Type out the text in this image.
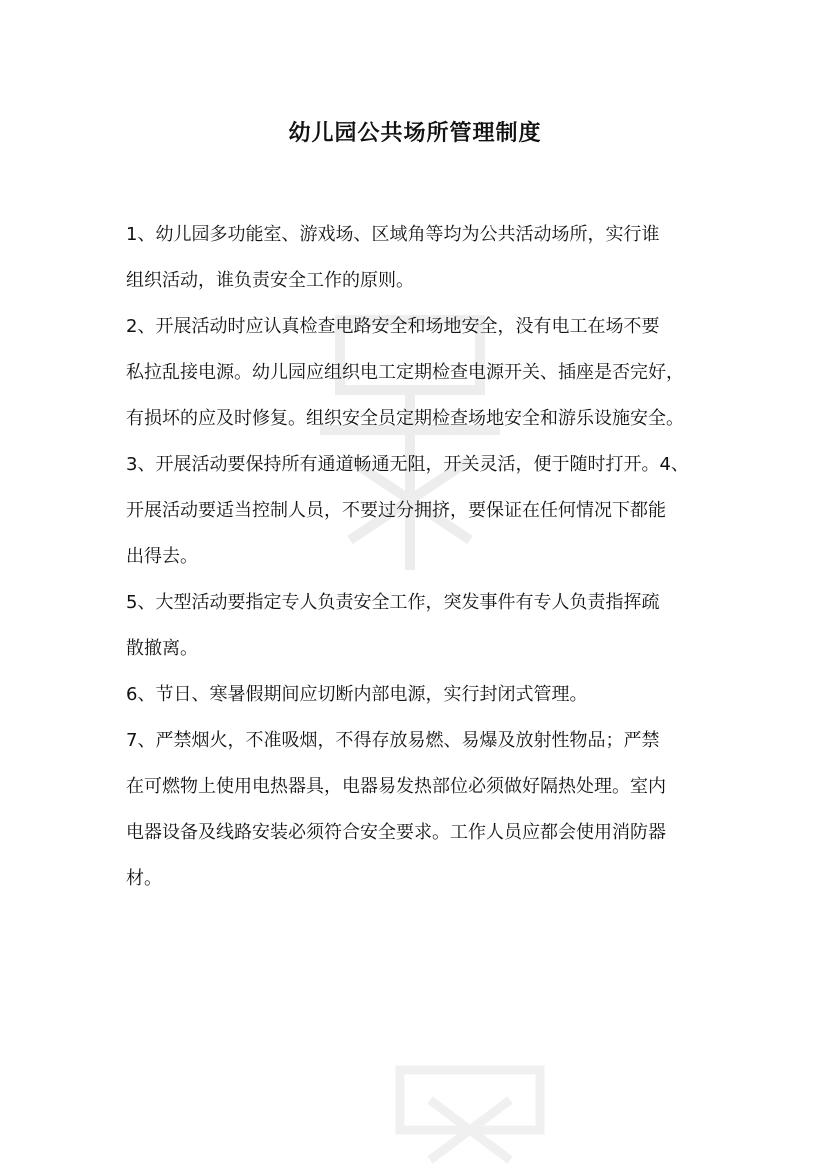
幼儿园公共场所管理制度
1、幼儿园多功能室、游戏场、区域角等均为公共活动场所，实行谁
组织活动，谁负责安全工作的原则。
2、开展活动时应认真检查电路安全和场地安全，没有电工在场不要
私拉乱接电源。幼儿园应组织电工定期检查电源开关、插座是否完好，
有损坏的应及时修复。组织安全员定期检查场地安全和游乐设施安全。
3、开展活动要保持所有通道畅通无阻，开关灵活，便于随时打开。4、
开展活动要适当控制人员，不要过分拥挤，要保证在任何情况下都能
出得去。
5、大型活动要指定专人负责安全工作，突发事件有专人负责指挥疏
散撤离。
6、节日、寒暑假期间应切断内部电源，实行封闭式管理。
7、严禁烟火，不准吸烟，不得存放易燃、易爆及放射性物品；严禁
在可燃物上使用电热器具，电器易发热部位必须做好隔热处理。室内
电器设备及线路安装必须符合安全要求。工作人员应都会使用消防器
材。
